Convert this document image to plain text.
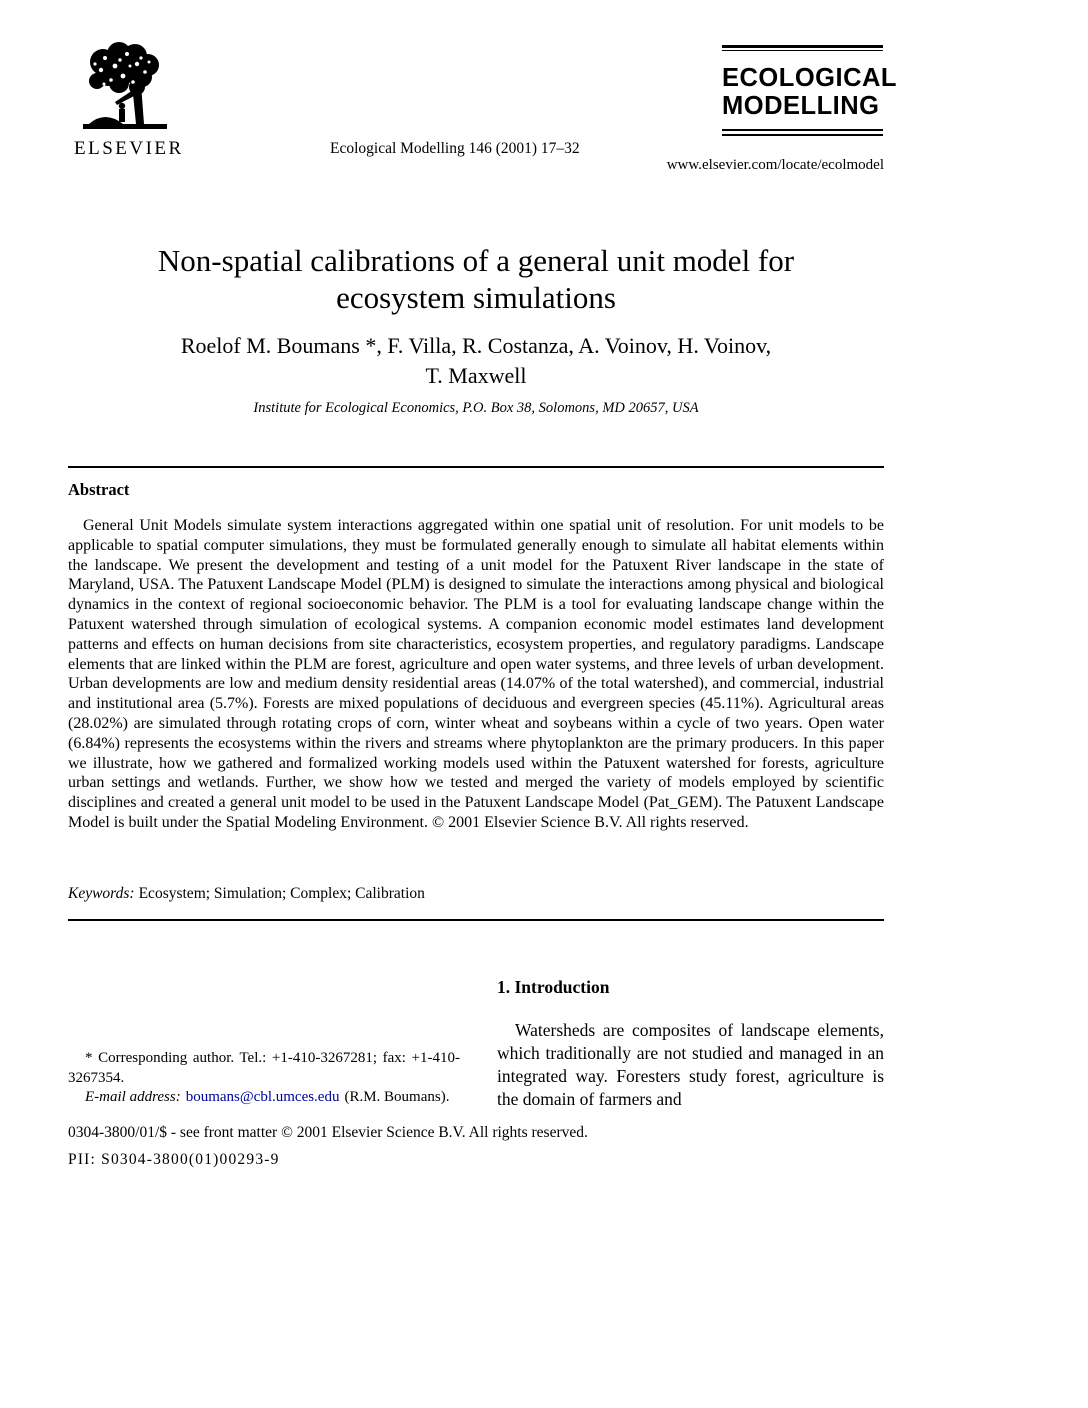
ELSEVIER	Ecological Modelling 146 (2001) 17–32
ECOLOGICAL
MODELLING
www.elsevier.com/locate/ecolmodel
Non-spatial calibrations of a general unit model for
ecosystem simulations
Roelof M. Boumans *, F. Villa, R. Costanza, A. Voinov, H. Voinov,
T. Maxwell
Institute for Ecological Economics, P.O. Box 38, Solomons, MD 20657, USA
Abstract
General Unit Models simulate system interactions aggregated within one spatial unit of resolution. For unit models to be applicable to spatial computer simulations, they must be formulated generally enough to simulate all habitat elements within the landscape. We present the development and testing of a unit model for the Patuxent River landscape in the state of Maryland, USA. The Patuxent Landscape Model (PLM) is designed to simulate the interactions among physical and biological dynamics in the context of regional socioeconomic behavior. The PLM is a tool for evaluating landscape change within the Patuxent watershed through simulation of ecological systems. A companion economic model estimates land development patterns and effects on human decisions from site characteristics, ecosystem properties, and regulatory paradigms. Landscape elements that are linked within the PLM are forest, agriculture and open water systems, and three levels of urban development. Urban developments are low and medium density residential areas (14.07% of the total watershed), and commercial, industrial and institutional area (5.7%). Forests are mixed populations of deciduous and evergreen species (45.11%). Agricultural areas (28.02%) are simulated through rotating crops of corn, winter wheat and soybeans within a cycle of two years. Open water (6.84%) represents the ecosystems within the rivers and streams where phytoplankton are the primary producers. In this paper we illustrate, how we gathered and formalized working models used within the Patuxent watershed for forests, agriculture urban settings and wetlands. Further, we show how we tested and merged the variety of models employed by scientific disciplines and created a general unit model to be used in the Patuxent Landscape Model (Pat_GEM). The Patuxent Landscape Model is built under the Spatial Modeling Environment. © 2001 Elsevier Science B.V. All rights reserved.
Keywords: Ecosystem; Simulation; Complex; Calibration
1. Introduction
Watersheds are composites of landscape elements, which traditionally are not studied and managed in an integrated way. Foresters study forest, agriculture is the domain of farmers and

* Corresponding author. Tel.: +1-410-3267281; fax: +1-410-3267354.

E-mail address: boumans@cbl.umces.edu (R.M. Boumans).

0304-3800/01/$ - see front matter © 2001 Elsevier Science B.V. All rights reserved.
PII: S0304-3800(01)00293-9
